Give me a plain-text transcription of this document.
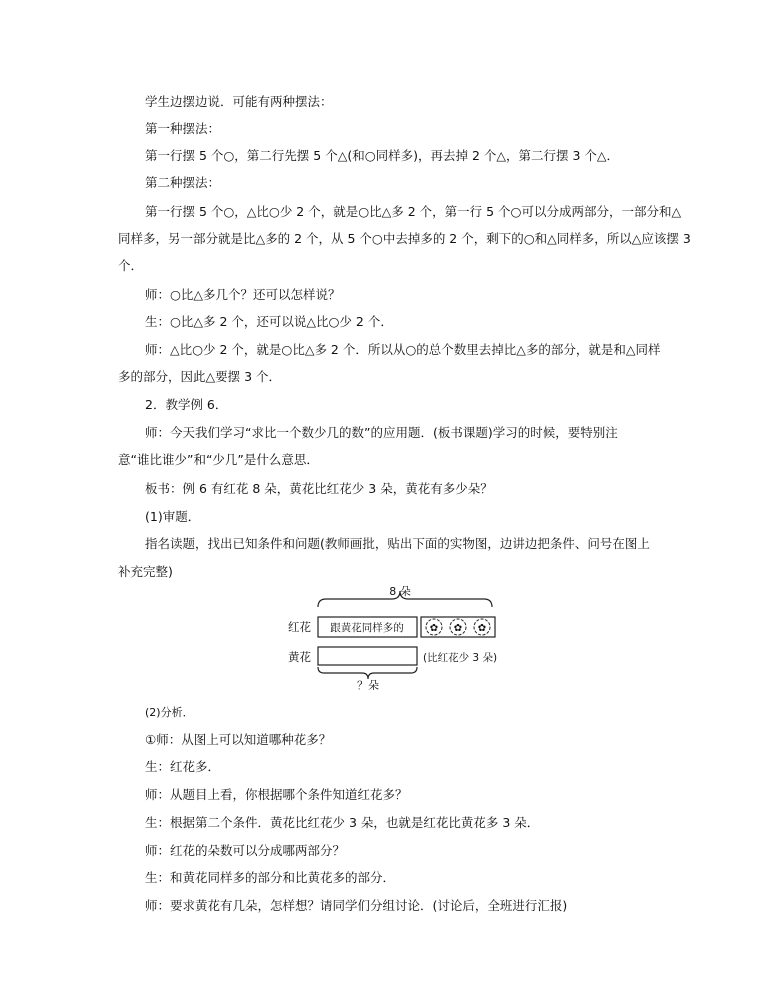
学生边摆边说．可能有两种摆法：
第一种摆法：
第一行摆 5 个○，第二行先摆 5 个△(和○同样多)，再去掉 2 个△，第二行摆 3 个△．
第二种摆法：
第一行摆 5 个○，△比○少 2 个，就是○比△多 2 个，第一行 5 个○可以分成两部分，一部分和△
同样多，另一部分就是比△多的 2 个，从 5 个○中去掉多的 2 个，剩下的○和△同样多，所以△应该摆 3
个．
师：○比△多几个？还可以怎样说？
生：○比△多 2 个，还可以说△比○少 2 个．
师：△比○少 2 个，就是○比△多 2 个．所以从○的总个数里去掉比△多的部分，就是和△同样
多的部分，因此△要摆 3 个．
2．教学例 6．
师：今天我们学习“求比一个数少几的数”的应用题．(板书课题)学习的时候，要特别注
意“谁比谁少”和“少几”是什么意思．
板书：例 6 有红花 8 朵，黄花比红花少 3 朵，黄花有多少朵？
(1)审题．
指名读题，找出已知条件和问题(教师画批，贴出下面的实物图，边讲边把条件、问号在图上
补充完整)
8 朵
红花 跟黄花同样多的	✿ ✿ ✿
黄花	(比红花少 3 朵)
？朵
(2)分析．
①师：从图上可以知道哪种花多？
生：红花多．
师：从题目上看，你根据哪个条件知道红花多？
生：根据第二个条件．黄花比红花少 3 朵，也就是红花比黄花多 3 朵．
师：红花的朵数可以分成哪两部分？
生：和黄花同样多的部分和比黄花多的部分．
师：要求黄花有几朵，怎样想？请同学们分组讨论．(讨论后，全班进行汇报)
